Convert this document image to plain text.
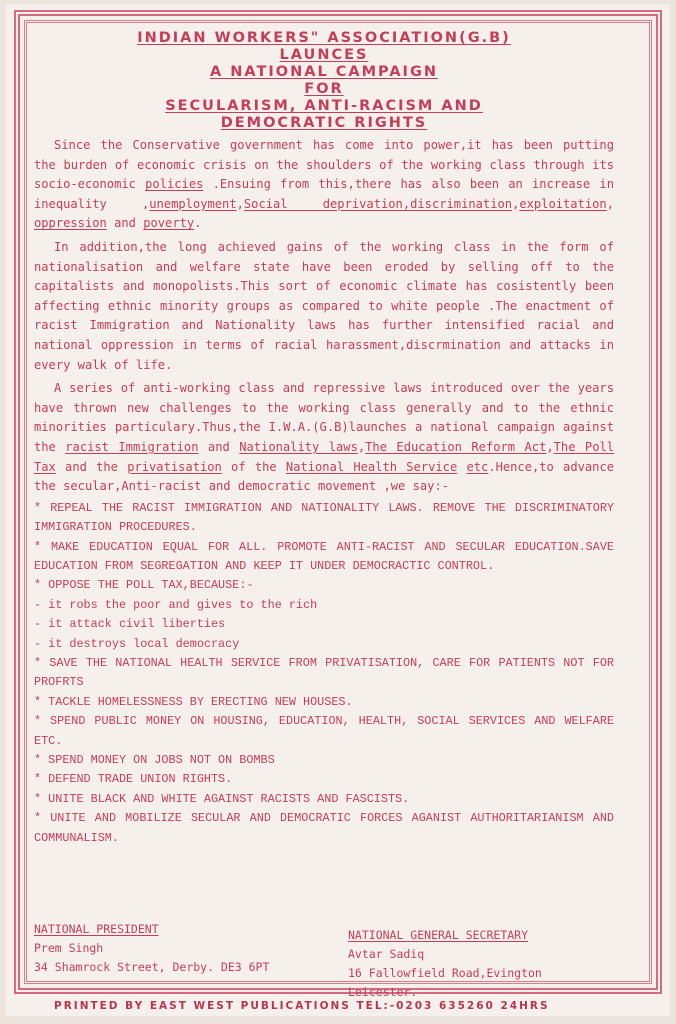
INDIAN WORKERS" ASSOCIATION(G.B)
LAUNCES
A NATIONAL CAMPAIGN
FOR
SECULARISM, ANTI-RACISM AND
DEMOCRATIC RIGHTS

Since the Conservative government has come into power,it has been putting the burden of economic crisis on the shoulders of the working class through its socio-economic policies .Ensuing from this,there has also been an increase in inequality ,unemployment,Social deprivation,discrimination,exploitation, oppression and poverty.

In addition,the long achieved gains of the working class in the form of nationalisation and welfare state have been eroded by selling off to the capitalists and monopolists.This sort of economic climate has cosistently been affecting ethnic minority groups as compared to white people .The enactment of racist Immigration and Nationality laws has further intensified racial and national oppression in terms of racial harassment,discrmination and attacks in every walk of life.

A series of anti-working class and repressive laws introduced over the years have thrown new challenges to the working class generally and to the ethnic minorities particulary.Thus,the I.W.A.(G.B)launches a national campaign against the racist Immigration and Nationality laws,The Education Reform Act,The Poll Tax and the privatisation of the National Health Service etc.Hence,to advance the secular,Anti-racist and democratic movement ,we say:-

* REPEAL THE RACIST IMMIGRATION AND NATIONALITY LAWS. REMOVE THE DISCRIMINATORY IMMIGRATION PROCEDURES.

* MAKE EDUCATION EQUAL FOR ALL. PROMOTE ANTI-RACIST AND SECULAR EDUCATION.SAVE EDUCATION FROM SEGREGATION AND KEEP IT UNDER DEMOCRACTIC CONTROL.

* OPPOSE THE POLL TAX,BECAUSE:-

- it robs the poor and gives to the rich

- it attack civil liberties

- it destroys local democracy

* SAVE THE NATIONAL HEALTH SERVICE FROM PRIVATISATION, CARE FOR PATIENTS NOT FOR PROFRTS

* TACKLE HOMELESSNESS BY ERECTING NEW HOUSES.

* SPEND PUBLIC MONEY ON HOUSING, EDUCATION, HEALTH, SOCIAL SERVICES AND WELFARE ETC.

* SPEND MONEY ON JOBS NOT ON BOMBS

* DEFEND TRADE UNION RIGHTS.

* UNITE BLACK AND WHITE AGAINST RACISTS AND FASCISTS.

* UNITE AND MOBILIZE SECULAR AND DEMOCRATIC FORCES AGANIST AUTHORITARIANISM AND COMMUNALISM.

NATIONAL PRESIDENT
Prem Singh
34 Shamrock Street, Derby. DE3 6PT
NATIONAL GENERAL SECRETARY
Avtar Sadiq
16 Fallowfield Road,Evington Leicester.
PRINTED BY EAST WEST PUBLICATIONS TEL:-0203 635260 24HRS
